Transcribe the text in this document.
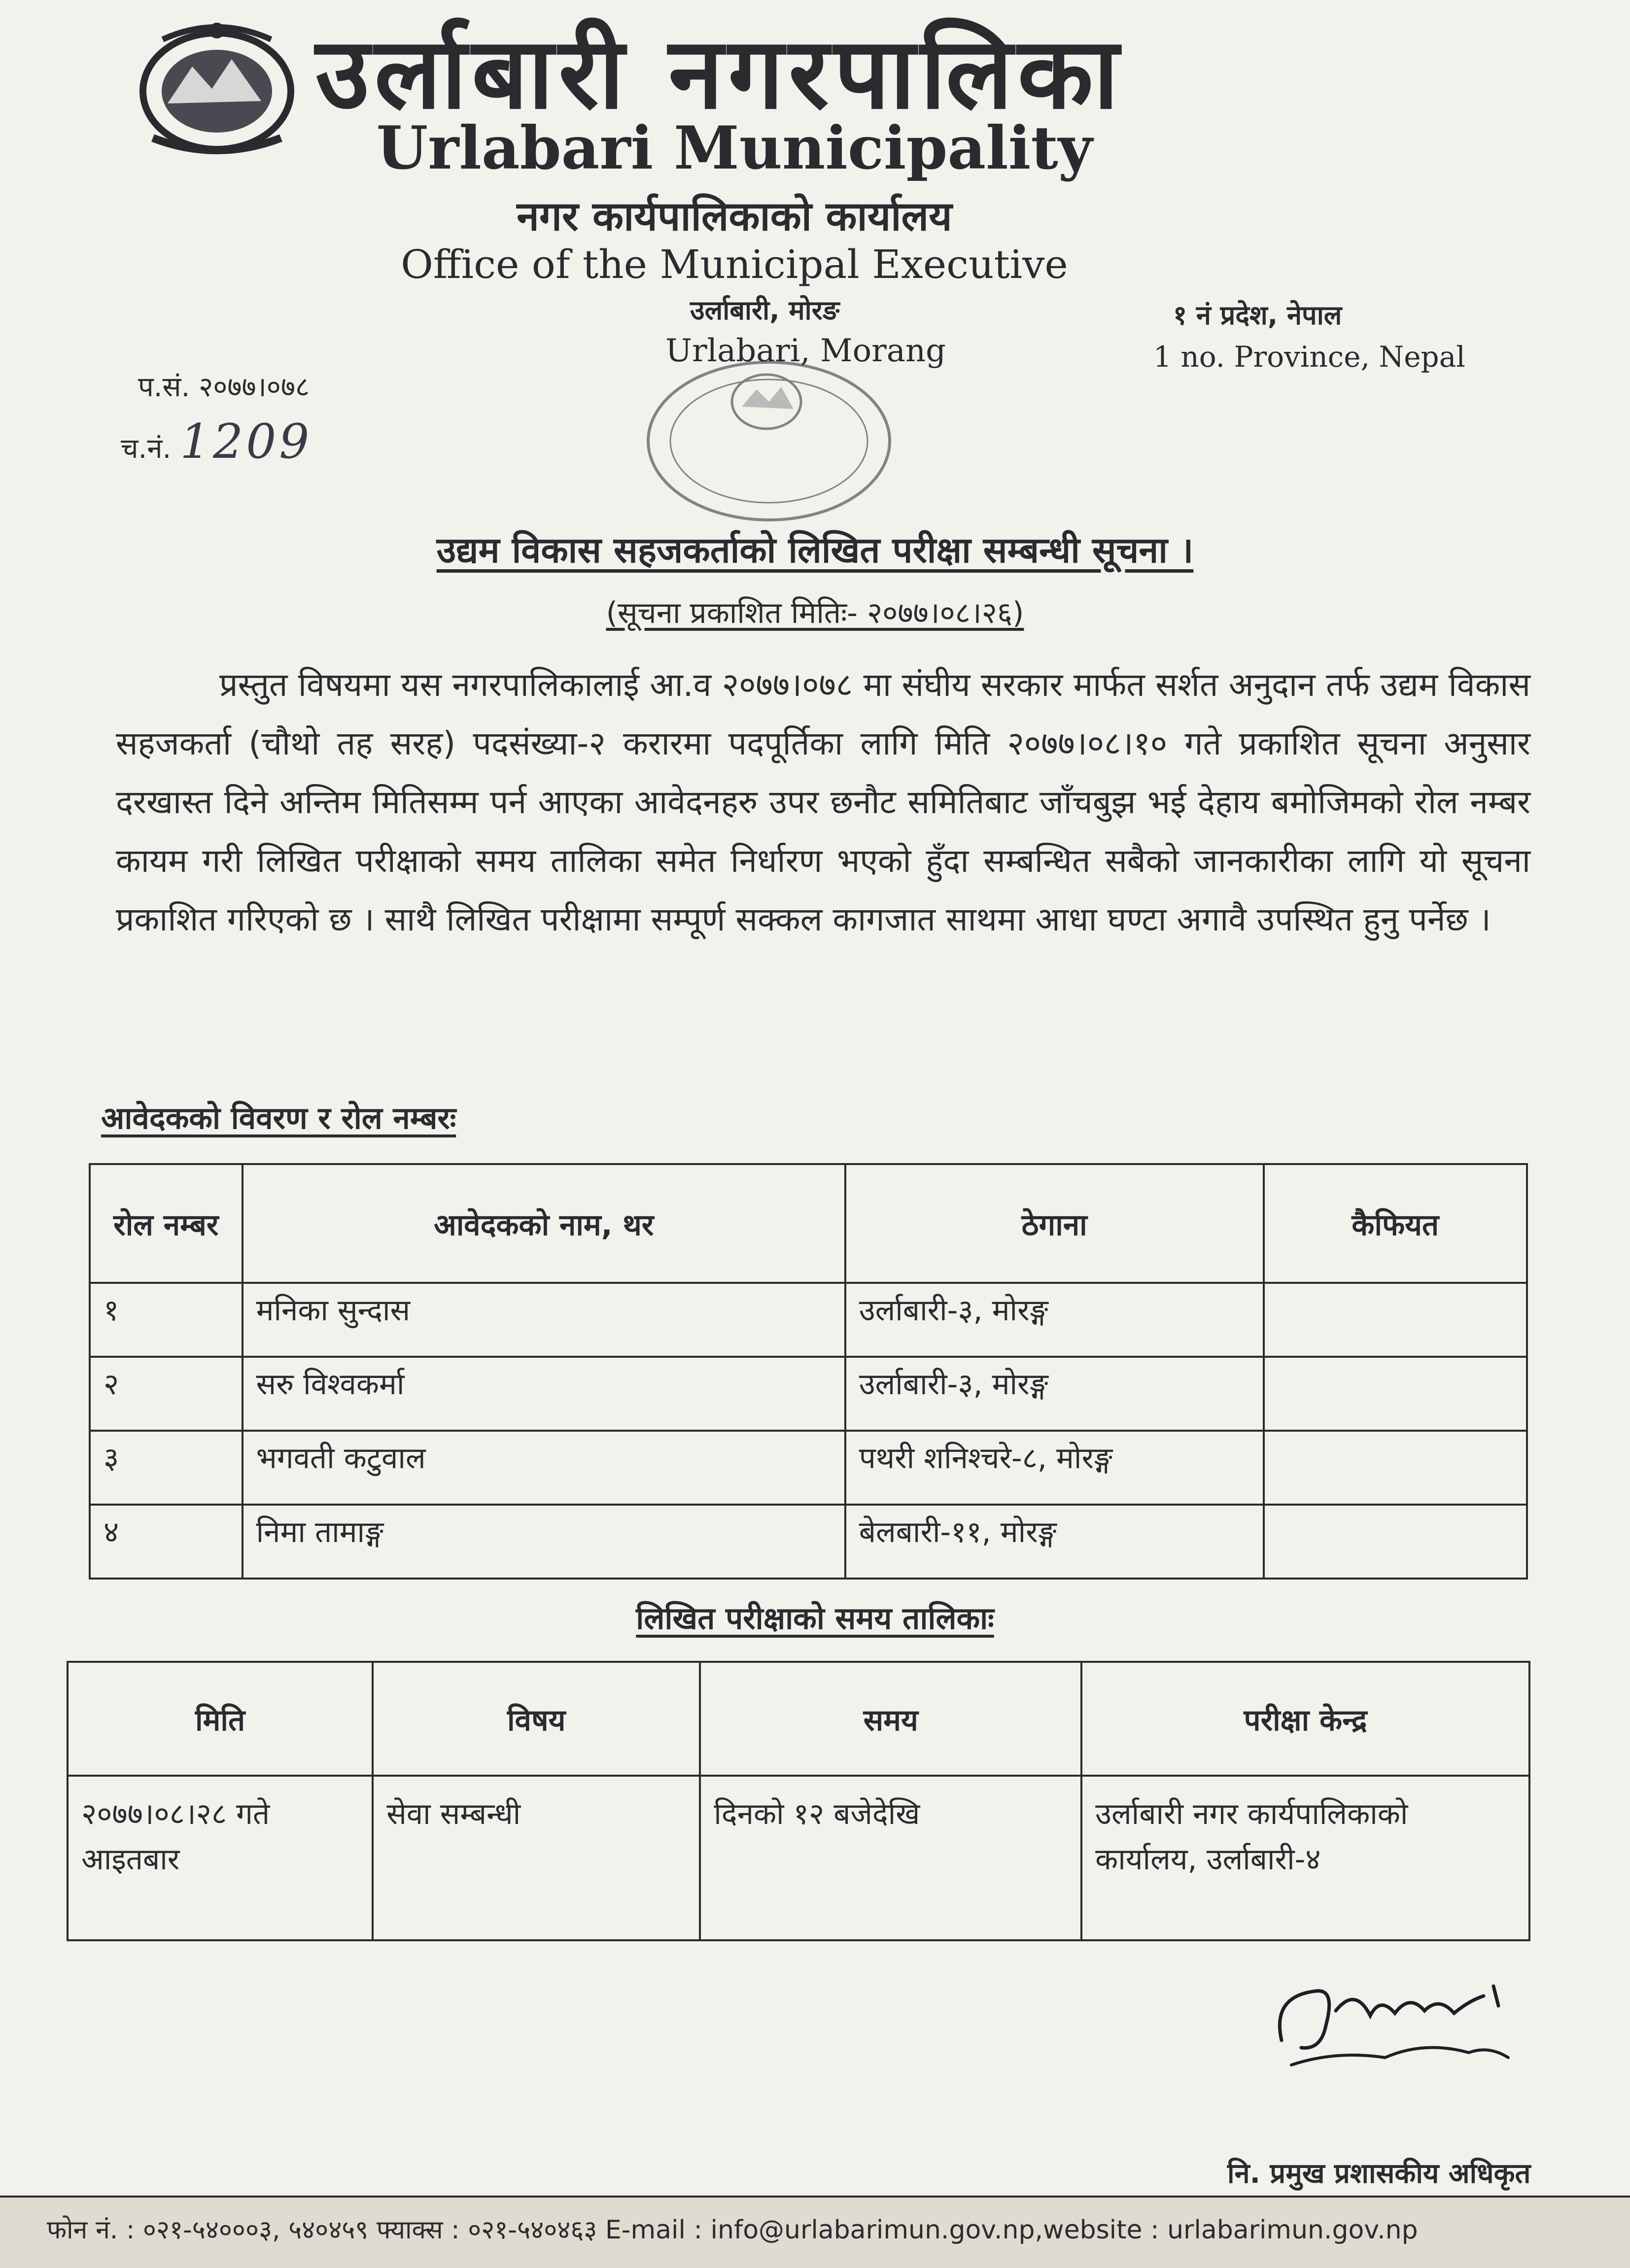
उर्लाबारी नगरपालिका
Urlabari Municipality
नगर कार्यपालिकाको कार्यालय
Office of the Municipal Executive
उर्लाबारी, मोरङ
Urlabari, Morang
१ नं प्रदेश, नेपाल
1 no. Province, Nepal
प.सं. २०७७।०७८
च.नं. 1209
उद्यम विकास सहजकर्ताको लिखित परीक्षा सम्बन्धी सूचना ।
(सूचना प्रकाशित मितिः- २०७७।०८।२६)
प्रस्तुत विषयमा यस नगरपालिकालाई आ.व २०७७।०७८ मा संघीय सरकार मार्फत सर्शत अनुदान तर्फ उद्यम विकास सहजकर्ता (चौथो तह सरह) पदसंख्या-२ करारमा पदपूर्तिका लागि मिति २०७७।०८।१० गते प्रकाशित सूचना अनुसार दरखास्त दिने अन्तिम मितिसम्म पर्न आएका आवेदनहरु उपर छनौट समितिबाट जाँचबुझ भई देहाय बमोजिमको रोल नम्बर कायम गरी लिखित परीक्षाको समय तालिका समेत निर्धारण भएको हुँदा सम्बन्धित सबैको जानकारीका लागि यो सूचना प्रकाशित गरिएको छ । साथै लिखित परीक्षामा सम्पूर्ण सक्कल कागजात साथमा आधा घण्टा अगावै उपस्थित हुनु पर्नेछ ।
आवेदकको विवरण र रोल नम्बरः
रोल नम्बर	आवेदकको नाम, थर	ठेगाना	कैफियत
१	मनिका सुन्दास	उर्लाबारी-३, मोरङ्ग	
२	सरु विश्वकर्मा	उर्लाबारी-३, मोरङ्ग	
३	भगवती कटुवाल	पथरी शनिश्चरे-८, मोरङ्ग	
४	निमा तामाङ्ग	बेलबारी-११, मोरङ्ग	
लिखित परीक्षाको समय तालिकाः
मिति	विषय	समय	परीक्षा केन्द्र
२०७७।०८।२८ गते आइतबार	सेवा सम्बन्धी	दिनको १२ बजेदेखि	उर्लाबारी नगर कार्यपालिकाको कार्यालय, उर्लाबारी-४
नि. प्रमुख प्रशासकीय अधिकृत
फोन नं. : ०२१-५४०००३, ५४०४५९ फ्याक्स : ०२१-५४०४६३ E-mail : info@urlabarimun.gov.np,website : urlabarimun.gov.np
